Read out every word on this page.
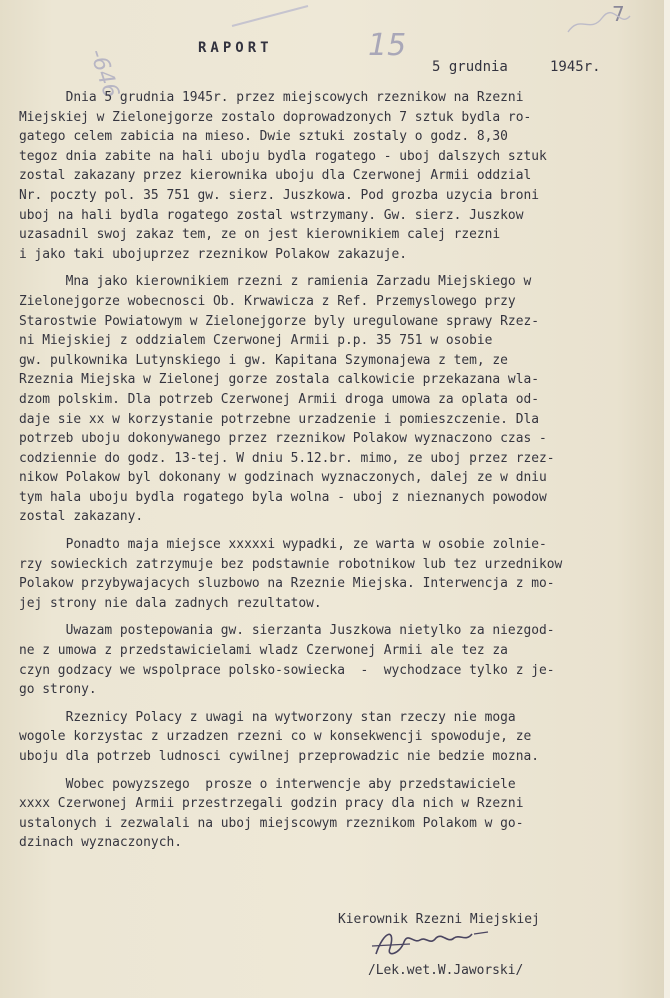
-646
15
7
RAPORT
5 grudnia     1945r.
Dnia 5 grudnia 1945r. przez miejscowych rzeznikow na Rzezni
Miejskiej w Zielonejgorze zostalo doprowadzonych 7 sztuk bydla ro-
gatego celem zabicia na mieso. Dwie sztuki zostaly o godz. 8,30
tegoz dnia zabite na hali uboju bydla rogatego - uboj dalszych sztuk
zostal zakazany przez kierownika uboju dla Czerwonej Armii oddzial
Nr. poczty pol. 35 751 gw. sierz. Juszkowa. Pod grozba uzycia broni
uboj na hali bydla rogatego zostal wstrzymany. Gw. sierz. Juszkow
uzasadnil swoj zakaz tem, ze on jest kierownikiem calej rzezni
i jako taki ubojuprzez rzeznikow Polakow zakazuje.
Mna jako kierownikiem rzezni z ramienia Zarzadu Miejskiego w
Zielonejgorze wobecnosci Ob. Krwawicza z Ref. Przemyslowego przy
Starostwie Powiatowym w Zielonejgorze byly uregulowane sprawy Rzez-
ni Miejskiej z oddzialem Czerwonej Armii p.p. 35 751 w osobie
gw. pulkownika Lutynskiego i gw. Kapitana Szymonajewa z tem, ze
Rzeznia Miejska w Zielonej gorze zostala calkowicie przekazana wla-
dzom polskim. Dla potrzeb Czerwonej Armii droga umowa za oplata od-
daje sie xx w korzystanie potrzebne urzadzenie i pomieszczenie. Dla
potrzeb uboju dokonywanego przez rzeznikow Polakow wyznaczono czas -
codziennie do godz. 13-tej. W dniu 5.12.br. mimo, ze uboj przez rzez-
nikow Polakow byl dokonany w godzinach wyznaczonych, dalej ze w dniu
tym hala uboju bydla rogatego byla wolna - uboj z nieznanych powodow
zostal zakazany.
Ponadto maja miejsce xxxxxi wypadki, ze warta w osobie zolnie-
rzy sowieckich zatrzymuje bez podstawnie robotnikow lub tez urzednikow
Polakow przybywajacych sluzbowo na Rzeznie Miejska. Interwencja z mo-
jej strony nie dala zadnych rezultatow.
Uwazam postepowania gw. sierzanta Juszkowa nietylko za niezgod-
ne z umowa z przedstawicielami wladz Czerwonej Armii ale tez za
czyn godzacy we wspolprace polsko-sowiecka  -  wychodzace tylko z je-
go strony.
Rzeznicy Polacy z uwagi na wytworzony stan rzeczy nie moga
wogole korzystac z urzadzen rzezni co w konsekwencji spowoduje, ze
uboju dla potrzeb ludnosci cywilnej przeprowadzic nie bedzie mozna.
Wobec powyzszego  prosze o interwencje aby przedstawiciele
xxxx Czerwonej Armii przestrzegali godzin pracy dla nich w Rzezni
ustalonych i zezwalali na uboj miejscowym rzeznikom Polakom w go-
dzinach wyznaczonych.
Kierownik Rzezni Miejskiej
/Lek.wet.W.Jaworski/
